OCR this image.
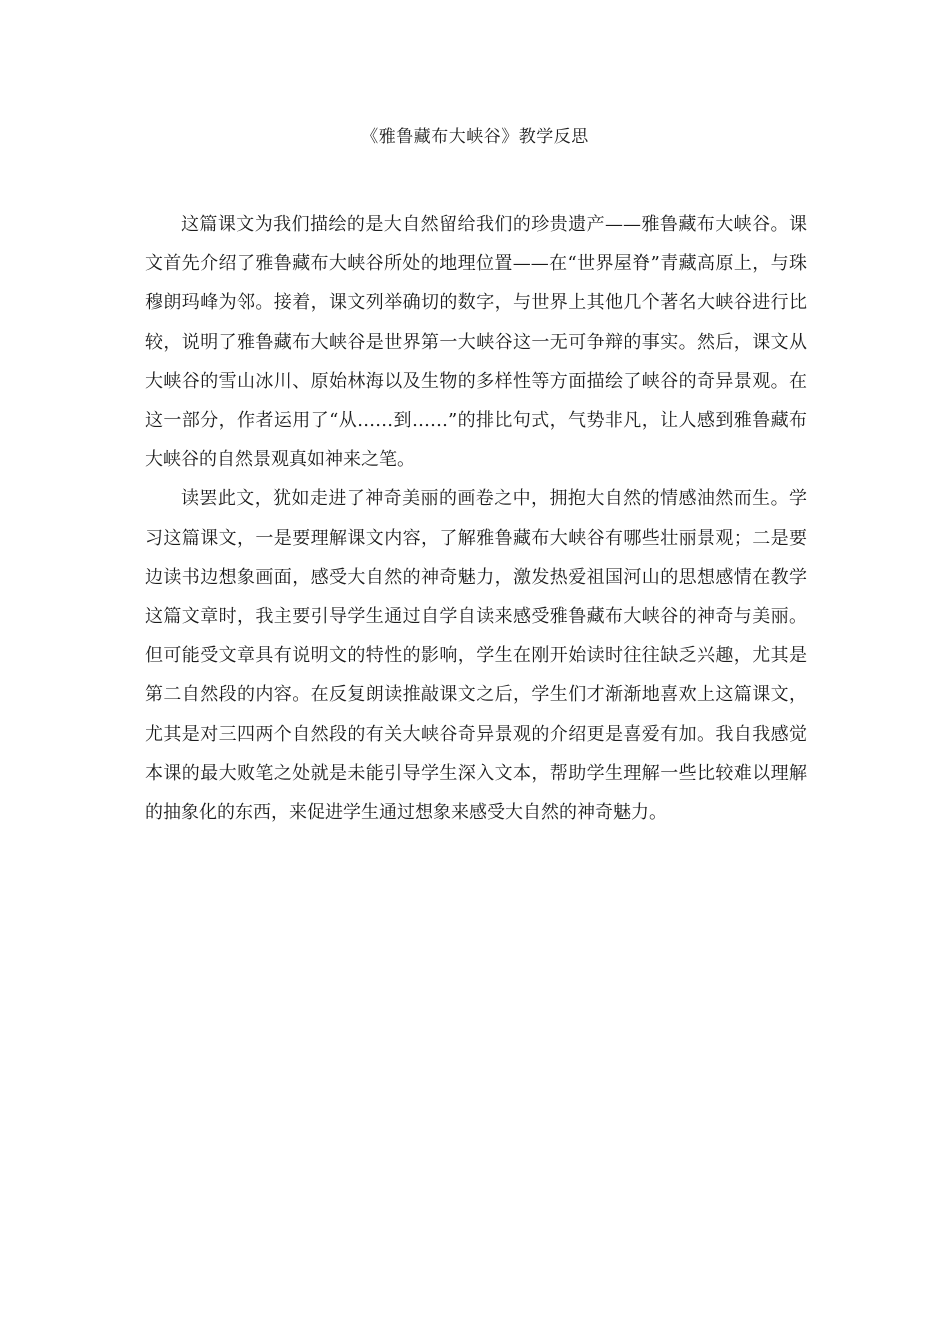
《雅鲁藏布大峡谷》教学反思

这篇课文为我们描绘的是大自然留给我们的珍贵遗产——雅鲁藏布大峡谷。课文首先介绍了雅鲁藏布大峡谷所处的地理位置——在“世界屋脊”青藏高原上，与珠穆朗玛峰为邻。接着，课文列举确切的数字，与世界上其他几个著名大峡谷进行比较，说明了雅鲁藏布大峡谷是世界第一大峡谷这一无可争辩的事实。然后，课文从大峡谷的雪山冰川、原始林海以及生物的多样性等方面描绘了峡谷的奇异景观。在这一部分，作者运用了“从……到……”的排比句式，气势非凡，让人感到雅鲁藏布大峡谷的自然景观真如神来之笔。

读罢此文，犹如走进了神奇美丽的画卷之中，拥抱大自然的情感油然而生。学习这篇课文，一是要理解课文内容，了解雅鲁藏布大峡谷有哪些壮丽景观；二是要边读书边想象画面，感受大自然的神奇魅力，激发热爱祖国河山的思想感情在教学这篇文章时，我主要引导学生通过自学自读来感受雅鲁藏布大峡谷的神奇与美丽。但可能受文章具有说明文的特性的影响，学生在刚开始读时往往缺乏兴趣，尤其是第二自然段的内容。在反复朗读推敲课文之后，学生们才渐渐地喜欢上这篇课文，尤其是对三四两个自然段的有关大峡谷奇异景观的介绍更是喜爱有加。我自我感觉本课的最大败笔之处就是未能引导学生深入文本，帮助学生理解一些比较难以理解的抽象化的东西，来促进学生通过想象来感受大自然的神奇魅力。
